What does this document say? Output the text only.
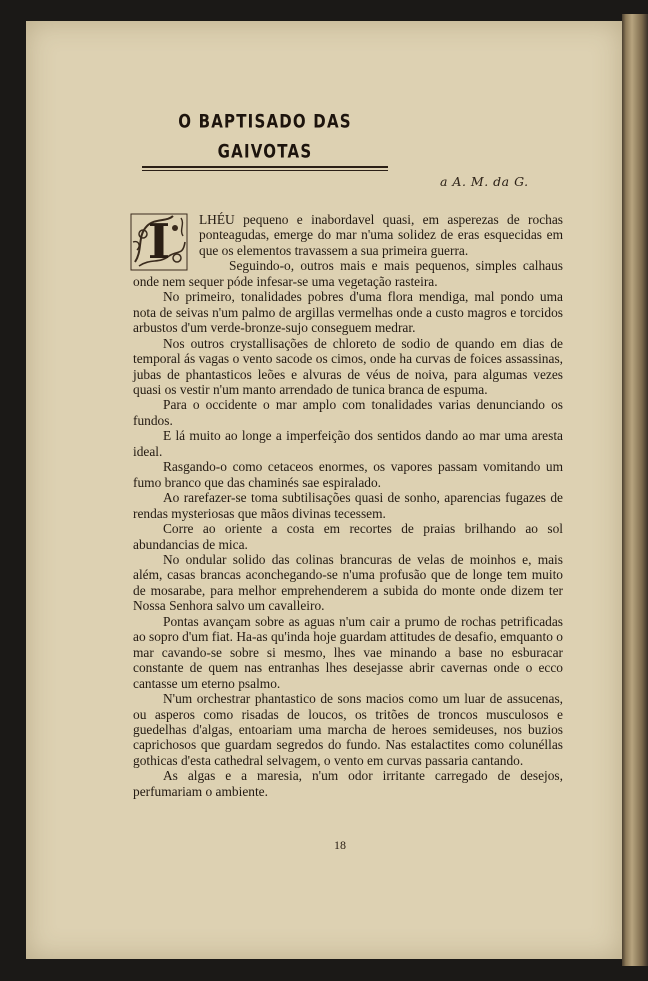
O BAPTISADO DAS GAIVOTAS
a A. M. da G.

I	LHÉU pequeno e inabordavel quasi, em asperezas de rochas ponteagudas, emerge do mar n'uma solidez de eras esquecidas em que os elementos travassem a sua primeira guerra.

Seguindo-o, outros mais e mais pequenos, simples calhaus onde nem sequer póde infesar-se uma vegetação rasteira.

No primeiro, tonalidades pobres d'uma flora mendiga, mal pondo uma nota de seivas n'um palmo de argillas vermelhas onde a custo magros e torcidos arbustos d'um verde-bronze-sujo conseguem medrar.

Nos outros crystallisações de chloreto de sodio de quando em dias de temporal ás vagas o vento sacode os cimos, onde ha curvas de foices assassinas, jubas de phantasticos leões e alvuras de véus de noiva, para algumas vezes quasi os vestir n'um manto arrendado de tunica branca de espuma.

Para o occidente o mar amplo com tonalidades varias denunciando os fundos.

E lá muito ao longe a imperfeição dos sentidos dando ao mar uma aresta ideal.

Rasgando-o como cetaceos enormes, os vapores passam vomitando um fumo branco que das chaminés sae espiralado.

Ao rarefazer-se toma subtilisações quasi de sonho, aparencias fugazes de rendas mysteriosas que mãos divinas tecessem.

Corre ao oriente a costa em recortes de praias brilhando ao sol abundancias de mica.

No ondular solido das colinas brancuras de velas de moinhos e, mais além, casas brancas aconchegando-se n'uma profusão que de longe tem muito de mosarabe, para melhor emprehenderem a subida do monte onde dizem ter Nossa Senhora salvo um cavalleiro.

Pontas avançam sobre as aguas n'um cair a prumo de rochas petrificadas ao sopro d'um fiat. Ha-as qu'inda hoje guardam attitudes de desafio, emquanto o mar cavando-se sobre si mesmo, lhes vae minando a base no esburacar constante de quem nas entranhas lhes desejasse abrir cavernas onde o ecco cantasse um eterno psalmo.

N'um orchestrar phantastico de sons macios como um luar de assucenas, ou asperos como risadas de loucos, os tritões de troncos musculosos e guedelhas d'algas, entoariam uma marcha de heroes semideuses, nos buzios caprichosos que guardam segredos do fundo. Nas estalactites como colunéllas gothicas d'esta cathedral selvagem, o vento em curvas passaria cantando.

As algas e a maresia, n'um odor irritante carregado de desejos, perfumariam o ambiente.

18
